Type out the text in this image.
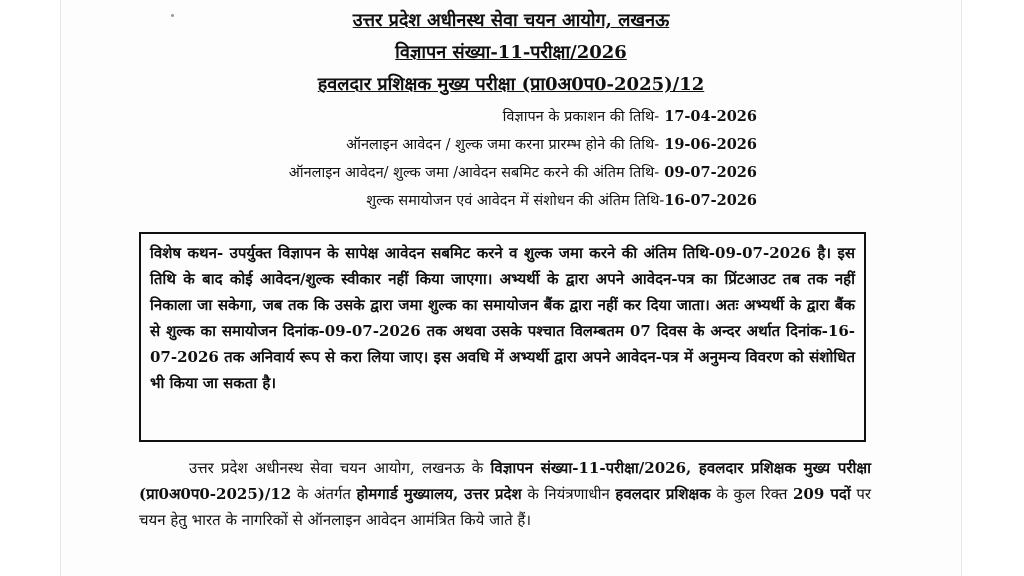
उत्तर प्रदेश अधीनस्थ सेवा चयन आयोग, लखनऊ
विज्ञापन संख्या-11-परीक्षा/2026
हवलदार प्रशिक्षक मुख्य परीक्षा (प्रा0अ0प0-2025)/12
विज्ञापन के प्रकाशन की तिथि- 17-04-2026
ऑनलाइन आवेदन / शुल्क जमा करना प्रारम्भ होने की तिथि- 19-06-2026
ऑनलाइन आवेदन/ शुल्क जमा /आवेदन सबमिट करने की अंतिम तिथि- 09-07-2026
शुल्क समायोजन एवं आवेदन में संशोधन की अंतिम तिथि-16-07-2026
विशेष कथन- उपर्युक्त विज्ञापन के सापेक्ष आवेदन सबमिट करने व शुल्क जमा करने की अंतिम तिथि-09-07-2026 है। इस तिथि के बाद कोई आवेदन/शुल्क स्वीकार नहीं किया जाएगा। अभ्यर्थी के द्वारा अपने आवेदन-पत्र का प्रिंटआउट तब तक नहीं निकाला जा सकेगा, जब तक कि उसके द्वारा जमा शुल्क का समायोजन बैंक द्वारा नहीं कर दिया जाता। अतः अभ्यर्थी के द्वारा बैंक से शुल्क का समायोजन दिनांक-09-07-2026 तक अथवा उसके पश्चात विलम्बतम 07 दिवस के अन्दर अर्थात दिनांक-16-07-2026 तक अनिवार्य रूप से करा लिया जाए। इस अवधि में अभ्यर्थी द्वारा अपने आवेदन-पत्र में अनुमन्य विवरण को संशोधित भी किया जा सकता है।
उत्तर प्रदेश अधीनस्थ सेवा चयन आयोग, लखनऊ के विज्ञापन संख्या-11-परीक्षा/2026, हवलदार प्रशिक्षक मुख्य परीक्षा (प्रा0अ0प0-2025)/12 के अंतर्गत होमगार्ड मुख्यालय, उत्तर प्रदेश के नियंत्रणाधीन हवलदार प्रशिक्षक के कुल रिक्त 209 पदों पर चयन हेतु भारत के नागरिकों से ऑनलाइन आवेदन आमंत्रित किये जाते हैं।
